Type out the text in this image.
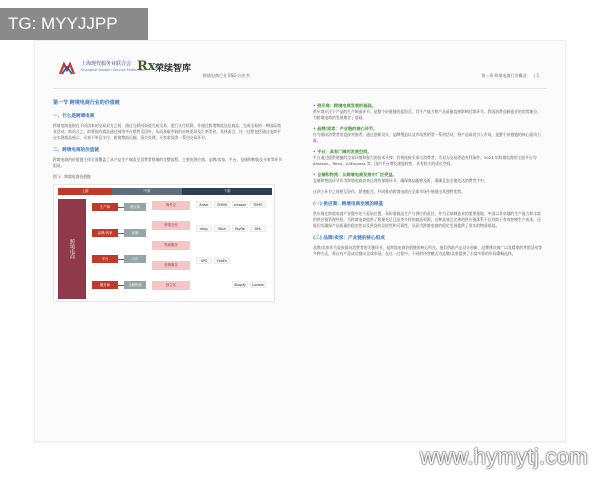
TG: MYYJJPP
上海现代服务业联合会
Shanghai Modern Service Federation
Rx 荣续智库
跨境电商行业 ESG 白皮书	第一章 跨境电商行业概况 | 5
第一节 跨境电商行业的价值链
一、什么是跨境电商
跨境电商是指在不同国家的交易双方之间，通过互联网渠道完成交易、进行支付结算，并通过跨境物流送达商品、完成交易的一种国际商业活动。简而言之，即将国内商品通过网络平台销售至国外，从而获取中间的价格差异及汇率差价。具体而言，这一过程包括通过电商平台实现商品展示、买家下单及支付、跨境物流运输、清关处理、买家收货等一系列交易环节。
二、跨境电商的价值链
跨境电商的价值链主体全面覆盖了从产品生产端直至消费者终端的完整流程，主要由供应商、品牌/卖家、平台、仓储和物流及买家等环节组成。
图 1：跨境电商价值链
上游	中游	下游
跨境电商
生产商
品牌/卖家
平台
服务商
供应商
品牌
平台
仓储物流
海外仓
跨境支付
物流服务
营销服务
独立站
Anker	SHEIN	amazon	TEMU
ebay	Wish	PayPal	DHL
UPS	FedEx
Shopify	Lazada
• 供应商：跨境电商发展的基础。
供应商专注于产品的生产制造环节，是整个价值链的起始点，其生产能力和产品质量直接影响后续环节。我国消费品制造业的优势地位，为跨境电商的发展奠定了基础。
• 品牌/卖家：产业链的核心环节。
作为面向消费者的直接对接者，通过创新设计、品牌塑造以及市场营销等一系列活动，将产品成功引入市场，是整个价值链的核心驱动力量。
• 平台：具有广阔的发展空间。
平台通过提供便捷的交易环境和强大的技术支撑，有效连接买家与消费者，为双方交易创造有利条件。2023 年跨境电商的主流平台为 Amazon、Temu、AliExpress 等，国内平台增长速度较快，具有较大的成长空间。
• 仓储和物流：从跨境电商发展中广泛受益。
仓储和物流环节作为跨境电商高效运营的保障环节，确保商品能够及时、准确且安全地送达消费者手中。
这四个环节之间相互协作、紧密配合，共同推动跨境电商在全球市场中展现出其独特优势。
(一) 供应商：跨境电商发展的根基
供应商在跨境电商产业链中处于起始位置，承担着商品生产与供应的责任，作为全球制造业的重要基地，中国以其卓越的生产能力和丰富的供应链管理经验，为跨境电商提供了数量充足且品类多样的商品资源。这种高效且完善的供应链体系不仅有助于有效控制生产成本，还能切实确保产品质量的稳定性以及供货的及时性和可靠性，从而为跨境电商的稳定发展提供了坚实的物质基础。
(二) 品牌/卖家：产业链的核心组成
品牌/卖家作为直接面向消费者的关键环节，是跨境电商价值链的核心所在。他们借助产品设计创新、品牌建设推广以及精准的营销活动等多种方式，将自有产品成功推向全球市场。在这一过程中，不同的经营模式为品牌/卖家提供了丰富多样的市场策略选择。
www.hymytj.com
